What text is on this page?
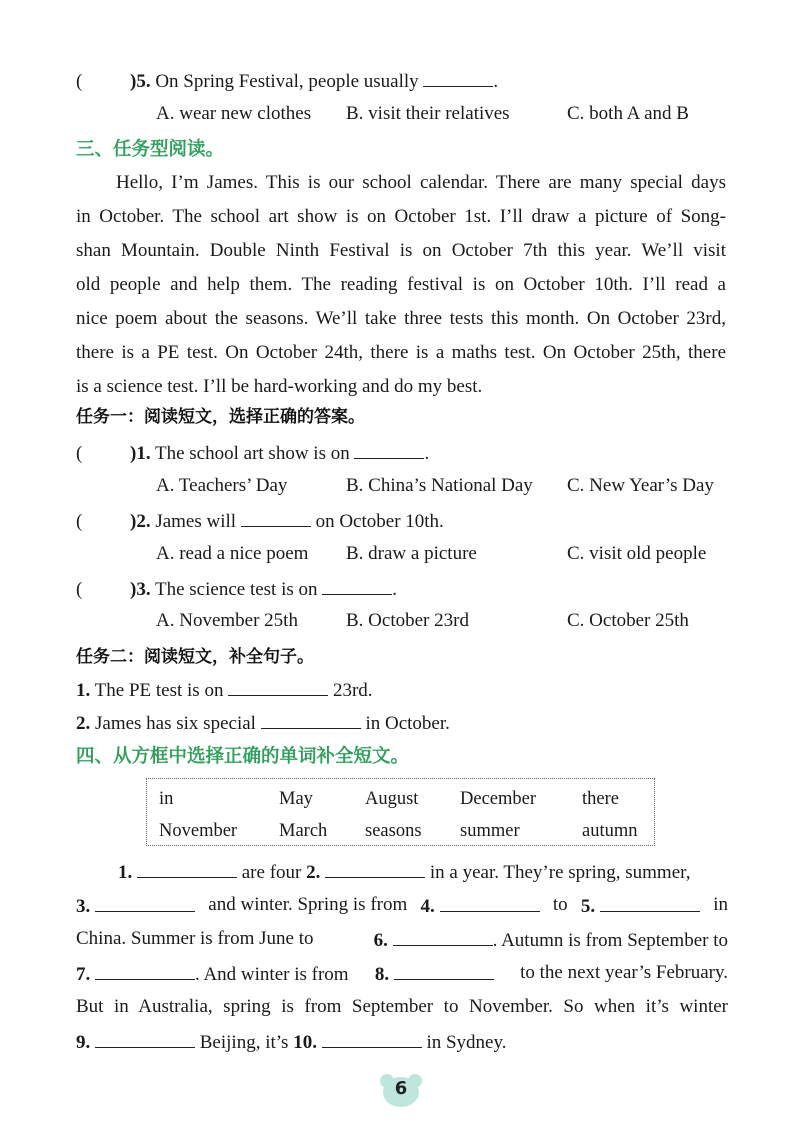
(	)5. On Spring Festival, people usually	.
A. wear new clothes B. visit their relatives	C. both A and B
三、任务型阅读。
Hello, I’m James. This is our school calendar. There are many special days
in October. The school art show is on October 1st. I’ll draw a picture of Song-
shan Mountain. Double Ninth Festival is on October 7th this year. We’ll visit
old people and help them. The reading festival is on October 10th. I’ll read a
nice poem about the seasons. We’ll take three tests this month. On October 23rd,
there is a PE test. On October 24th, there is a maths test. On October 25th, there
is a science test. I’ll be hard-working and do my best.
任务一：阅读短文，选择正确的答案。
(	)1. The school art show is on	.
A. Teachers’ Day	B. China’s National Day C. New Year’s Day
(	)2. James will	on October 10th.
A. read a nice poem B. draw a picture	C. visit old people
(	)3. The science test is on	.
A. November 25th	B. October 23rd	C. October 25th
任务二：阅读短文，补全句子。
1. The PE test is on	23rd.
2. James has six special	in October.
四、从方框中选择正确的单词补全短文。
in	May	August December there
November March seasons summer	autumn
1.	are four 2.	in a year. They’re spring, summer,
3.	and winter. Spring is from 4.	to 5.	in
China. Summer is from June to	6.	. Autumn is from September to
7.	. And winter is from 8.	to the next year’s February.
But in Australia, spring is from September to November. So when it’s winter
9.	Beijing, it’s 10.	in Sydney.
6
